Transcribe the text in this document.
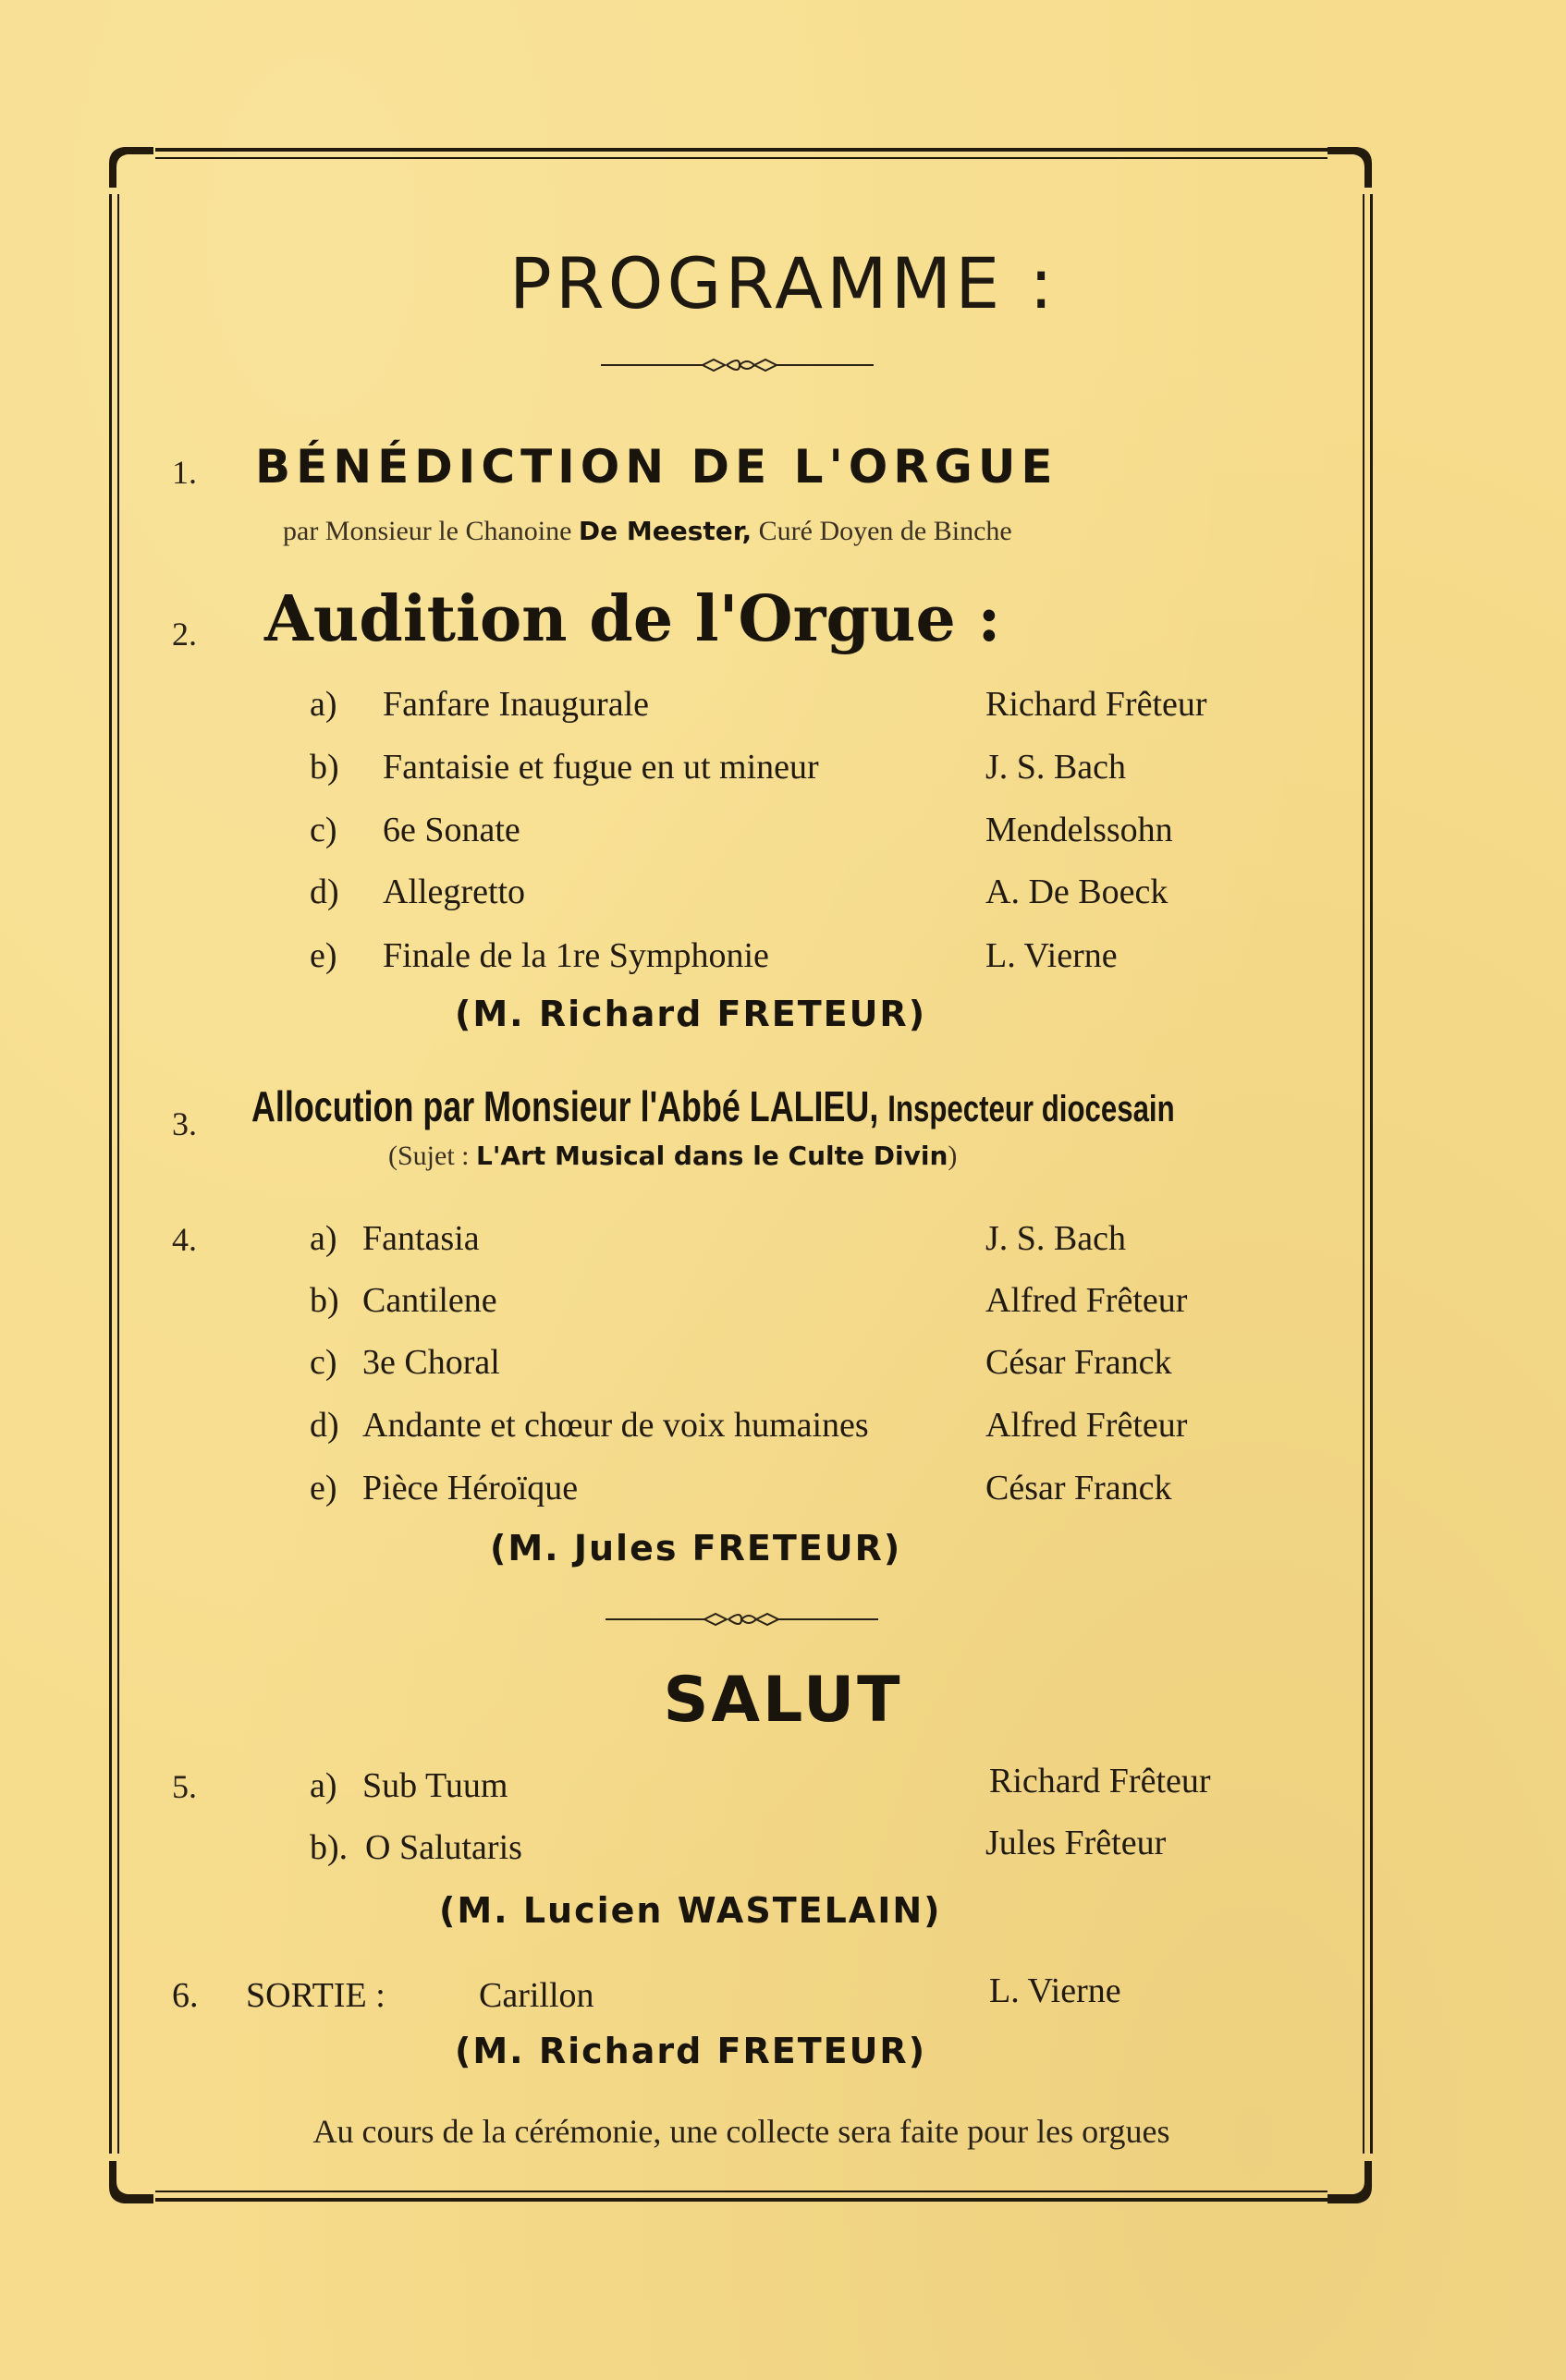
PROGRAMME :
1. BÉNÉDICTION DE L'ORGUE
par Monsieur le Chanoine De Meester, Curé Doyen de Binche
2. Audition de l'Orgue :
a) Fanfare Inaugurale	Richard Frêteur
b) Fantaisie et fugue en ut mineur	J. S. Bach
c) 6e Sonate	Mendelssohn
d) Allegretto	A. De Boeck
e) Finale de la 1re Symphonie	L. Vierne
(M. Richard FRETEUR)
3. Allocution par Monsieur l'Abbé LALIEU, Inspecteur diocesain
(Sujet : L'Art Musical dans le Culte Divin)
4.	a) Fantasia	J. S. Bach
b) Cantilene	Alfred Frêteur
c) 3e Choral	César Franck
d) Andante et chœur de voix humaines	Alfred Frêteur
e) Pièce Héroïque	César Franck
(M. Jules FRETEUR)
SALUT
5.	a) Sub Tuum	Richard Frêteur
b). O Salutaris	Jules Frêteur
(M. Lucien WASTELAIN)
6. SORTIE :	Carillon	L. Vierne
(M. Richard FRETEUR)
Au cours de la cérémonie, une collecte sera faite pour les orgues
